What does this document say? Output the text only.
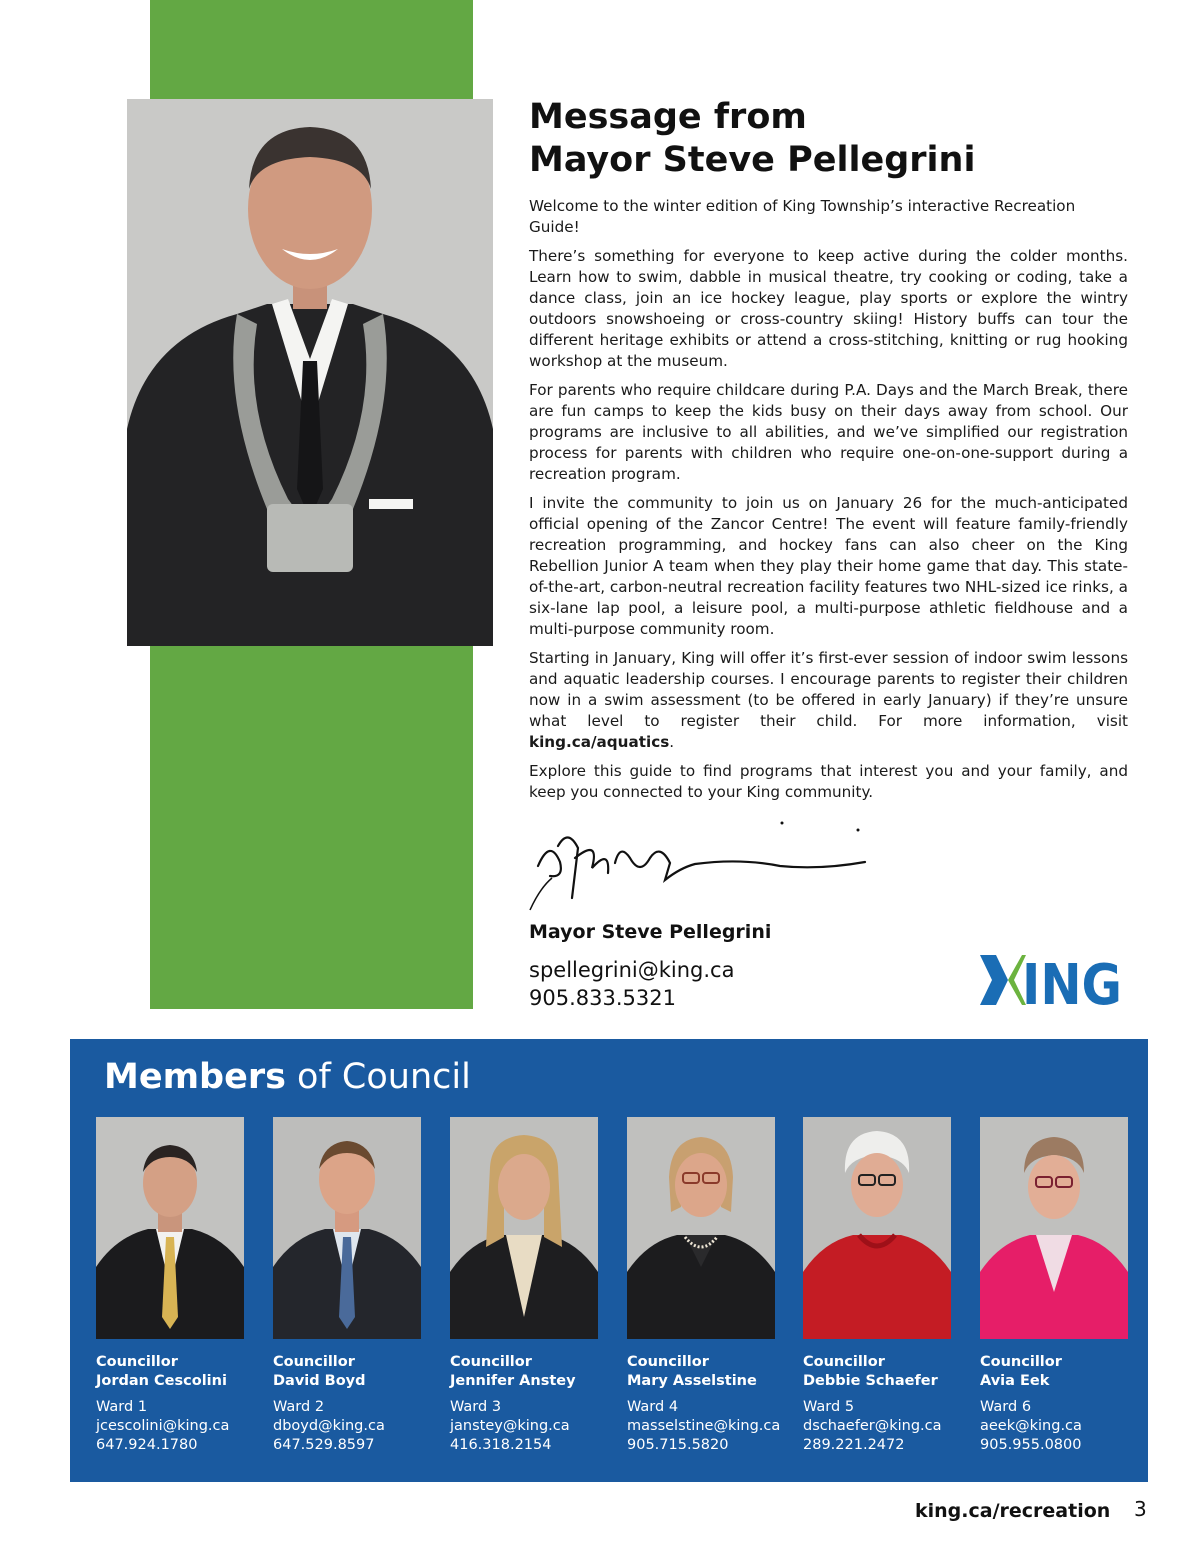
Message from
Mayor Steve Pellegrini

Welcome to the winter edition of King Township’s interactive Recreation Guide!

There’s something for everyone to keep active during the colder months. Learn how to swim, dabble in musical theatre, try cooking or coding, take a dance class, join an ice hockey league, play sports or explore the wintry outdoors snowshoeing or cross-country skiing! History buffs can tour the different heritage exhibits or attend a cross-stitching, knitting or rug hooking workshop at the museum.

For parents who require childcare during P.A. Days and the March Break, there are fun camps to keep the kids busy on their days away from school. Our programs are inclusive to all abilities, and we’ve simplified our registration process for parents with children who require one-on-one-support during a recreation program.

I invite the community to join us on January 26 for the much-anticipated official opening of the Zancor Centre! The event will feature family-friendly recreation programming, and hockey fans can also cheer on the King Rebellion Junior A team when they play their home game that day. This state-of-the-art, carbon-neutral recreation facility features two NHL-sized ice rinks, a six-lane lap pool, a leisure pool, a multi-purpose athletic fieldhouse and a multi-purpose community room.

Starting in January, King will offer it’s first-ever session of indoor swim lessons and aquatic leadership courses. I encourage parents to register their children now in a swim assessment (to be offered in early January) if they’re unsure what level to register their child. For more information, visit king.ca/aquatics.

Explore this guide to find programs that interest you and your family, and keep you connected to your King community.

Mayor Steve Pellegrini
spellegrini@king.ca
905.833.5321	ING
Members of Council
Councillor
Jordan Cescolini
Ward 1
jcescolini@king.ca
647.924.1780
Councillor
David Boyd
Ward 2
dboyd@king.ca
647.529.8597
Councillor
Jennifer Anstey
Ward 3
janstey@king.ca
416.318.2154
Councillor
Mary Asselstine
Ward 4
masselstine@king.ca
905.715.5820
Councillor
Debbie Schaefer
Ward 5
dschaefer@king.ca
289.221.2472
Councillor
Avia Eek
Ward 6
aeek@king.ca
905.955.0800
king.ca/recreation 3
